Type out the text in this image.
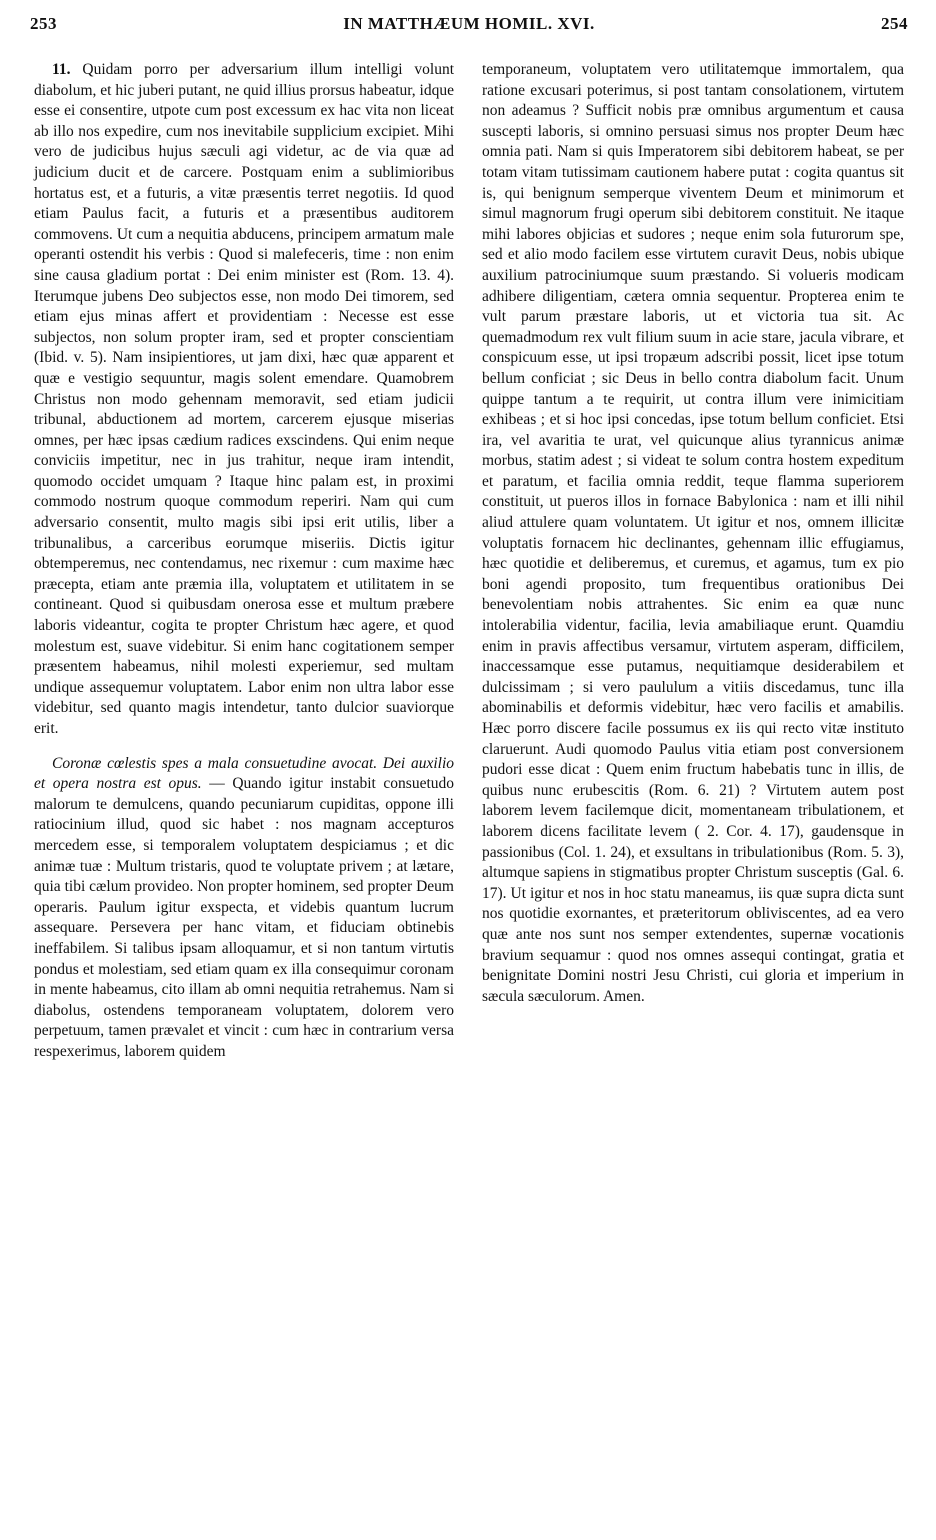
253	IN MATTHÆUM HOMIL. XVI.	254

11. Quidam porro per adversarium illum intelligi volunt diabolum, et hic juberi putant, ne quid illius prorsus habeatur, idque esse ei consentire, utpote cum post excessum ex hac vita non liceat ab illo nos expedire, cum nos inevitabile supplicium excipiet. Mihi vero de judicibus hujus sæculi agi videtur, ac de via quæ ad judicium ducit et de carcere. Postquam enim a sublimioribus hortatus est, et a futuris, a vitæ præsentis terret negotiis. Id quod etiam Paulus facit, a futuris et a præsentibus auditorem commovens. Ut cum a nequitia abducens, principem armatum male operanti ostendit his verbis : Quod si malefeceris, time : non enim sine causa gladium portat : Dei enim minister est (Rom. 13. 4). Iterumque jubens Deo subjectos esse, non modo Dei timorem, sed etiam ejus minas affert et providentiam : Necesse est esse subjectos, non solum propter iram, sed et propter conscientiam (Ibid. v. 5). Nam insipientiores, ut jam dixi, hæc quæ apparent et quæ e vestigio sequuntur, magis solent emendare. Quamobrem Christus non modo gehennam memoravit, sed etiam judicii tribunal, abductionem ad mortem, carcerem ejusque miserias omnes, per hæc ipsas cædium radices exscindens. Qui enim neque conviciis impetitur, nec in jus trahitur, neque iram intendit, quomodo occidet umquam ? Itaque hinc palam est, in proximi commodo nostrum quoque commodum reperiri. Nam qui cum adversario consentit, multo magis sibi ipsi erit utilis, liber a tribunalibus, a carceribus eorumque miseriis. Dictis igitur obtemperemus, nec contendamus, nec rixemur : cum maxime hæc præcepta, etiam ante præmia illa, voluptatem et utilitatem in se contineant. Quod si quibusdam onerosa esse et multum præbere laboris videantur, cogita te propter Christum hæc agere, et quod molestum est, suave videbitur. Si enim hanc cogitationem semper præsentem habeamus, nihil molesti experiemur, sed multam undique assequemur voluptatem. Labor enim non ultra labor esse videbitur, sed quanto magis intendetur, tanto dulcior suaviorque erit.

Coronæ cœlestis spes a mala consuetudine avocat. Dei auxilio et opera nostra est opus. — Quando igitur instabit consuetudo malorum te demulcens, quando pecuniarum cupiditas, oppone illi ratiocinium illud, quod sic habet : nos magnam accepturos mercedem esse, si temporalem voluptatem despiciamus ; et dic animæ tuæ : Multum tristaris, quod te voluptate privem ; at lætare, quia tibi cælum provideo. Non propter hominem, sed propter Deum operaris. Paulum igitur exspecta, et videbis quantum lucrum assequare. Persevera per hanc vitam, et fiduciam obtinebis ineffabilem. Si talibus ipsam alloquamur, et si non tantum virtutis pondus et molestiam, sed etiam quam ex illa consequimur coronam in mente habeamus, cito illam ab omni nequitia retrahemus. Nam si diabolus, ostendens temporaneam voluptatem, dolorem vero perpetuum, tamen prævalet et vincit : cum hæc in contrarium versa respexerimus, laborem quidem

temporaneum, voluptatem vero utilitatemque immortalem, qua ratione excusari poterimus, si post tantam consolationem, virtutem non adeamus ? Sufficit nobis præ omnibus argumentum et causa suscepti laboris, si omnino persuasi simus nos propter Deum hæc omnia pati. Nam si quis Imperatorem sibi debitorem habeat, se per totam vitam tutissimam cautionem habere putat : cogita quantus sit is, qui benignum semperque viventem Deum et minimorum et simul magnorum frugi operum sibi debitorem constituit. Ne itaque mihi labores objicias et sudores ; neque enim sola futurorum spe, sed et alio modo facilem esse virtutem curavit Deus, nobis ubique auxilium patrociniumque suum præstando. Si volueris modicam adhibere diligentiam, cætera omnia sequentur. Propterea enim te vult parum præstare laboris, ut et victoria tua sit. Ac quemadmodum rex vult filium suum in acie stare, jacula vibrare, et conspicuum esse, ut ipsi tropæum adscribi possit, licet ipse totum bellum conficiat ; sic Deus in bello contra diabolum facit. Unum quippe tantum a te requirit, ut contra illum vere inimicitiam exhibeas ; et si hoc ipsi concedas, ipse totum bellum conficiet. Etsi ira, vel avaritia te urat, vel quicunque alius tyrannicus animæ morbus, statim adest ; si videat te solum contra hostem expeditum et paratum, et facilia omnia reddit, teque flamma superiorem constituit, ut pueros illos in fornace Babylonica : nam et illi nihil aliud attulere quam voluntatem. Ut igitur et nos, omnem illicitæ voluptatis fornacem hic declinantes, gehennam illic effugiamus, hæc quotidie et deliberemus, et curemus, et agamus, tum ex pio boni agendi proposito, tum frequentibus orationibus Dei benevolentiam nobis attrahentes. Sic enim ea quæ nunc intolerabilia videntur, facilia, levia amabiliaque erunt. Quamdiu enim in pravis affectibus versamur, virtutem asperam, difficilem, inaccessamque esse putamus, nequitiamque desiderabilem et dulcissimam ; si vero paululum a vitiis discedamus, tunc illa abominabilis et deformis videbitur, hæc vero facilis et amabilis. Hæc porro discere facile possumus ex iis qui recto vitæ instituto claruerunt. Audi quomodo Paulus vitia etiam post conversionem pudori esse dicat : Quem enim fructum habebatis tunc in illis, de quibus nunc erubescitis (Rom. 6. 21) ? Virtutem autem post laborem levem facilemque dicit, momentaneam tribulationem, et laborem dicens facilitate levem ( 2. Cor. 4. 17), gaudensque in passionibus (Col. 1. 24), et exsultans in tribulationibus (Rom. 5. 3), altumque sapiens in stigmatibus propter Christum susceptis (Gal. 6. 17). Ut igitur et nos in hoc statu maneamus, iis quæ supra dicta sunt nos quotidie exornantes, et præteritorum obliviscentes, ad ea vero quæ ante nos sunt nos semper extendentes, supernæ vocationis bravium sequamur : quod nos omnes assequi contingat, gratia et benignitate Domini nostri Jesu Christi, cui gloria et imperium in sæcula sæculorum. Amen.
